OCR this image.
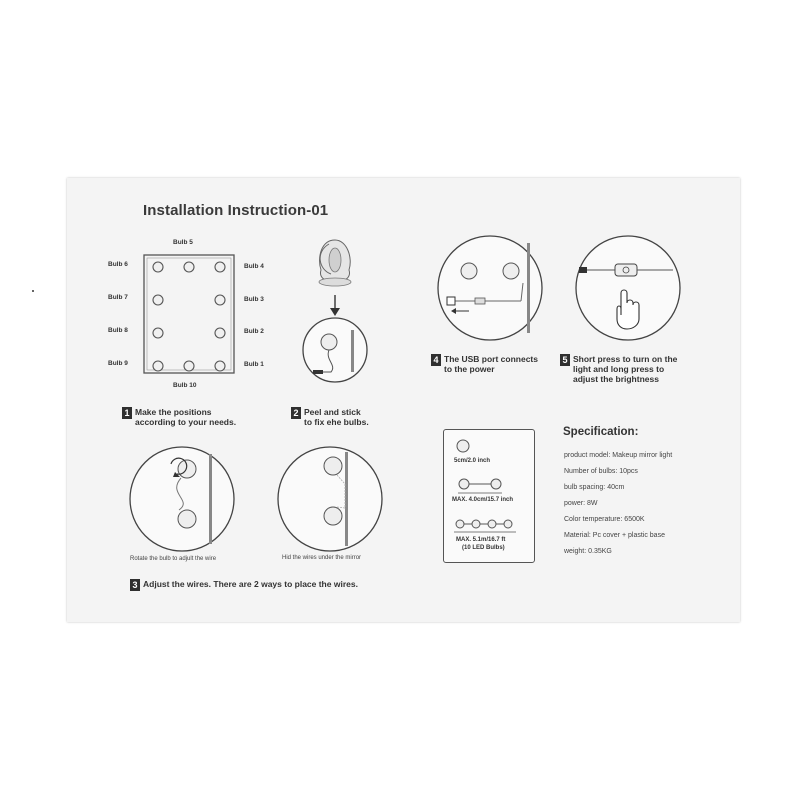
Installation Instruction-01
Bulb 5
Bulb 10
Bulb 6
Bulb 7
Bulb 8
Bulb 9
Bulb 4
Bulb 3
Bulb 2
Bulb 1
1 Make the positions
according to your needs.
2 Peel and stick
to fix ehe bulbs.
Rotate the bulb to adjult the wire	Hid the wires under the mirror
3 Adjust the wires. There are 2 ways to place the wires.
4 The USB port connects
to the power
5 Short press to turn on the
light and long press to
adjust the brightness
5cm/2.0 inch
MAX. 4.0cm/15.7 inch
MAX. 5.1m/16.7 ft
(10 LED Bulbs)
Specification:
product model: Makeup mirror light
Number of bulbs: 10pcs
bulb spacing: 40cm
power: 8W
Color temperature: 6500K
Material: Pc cover + plastic base
weight: 0.35KG
